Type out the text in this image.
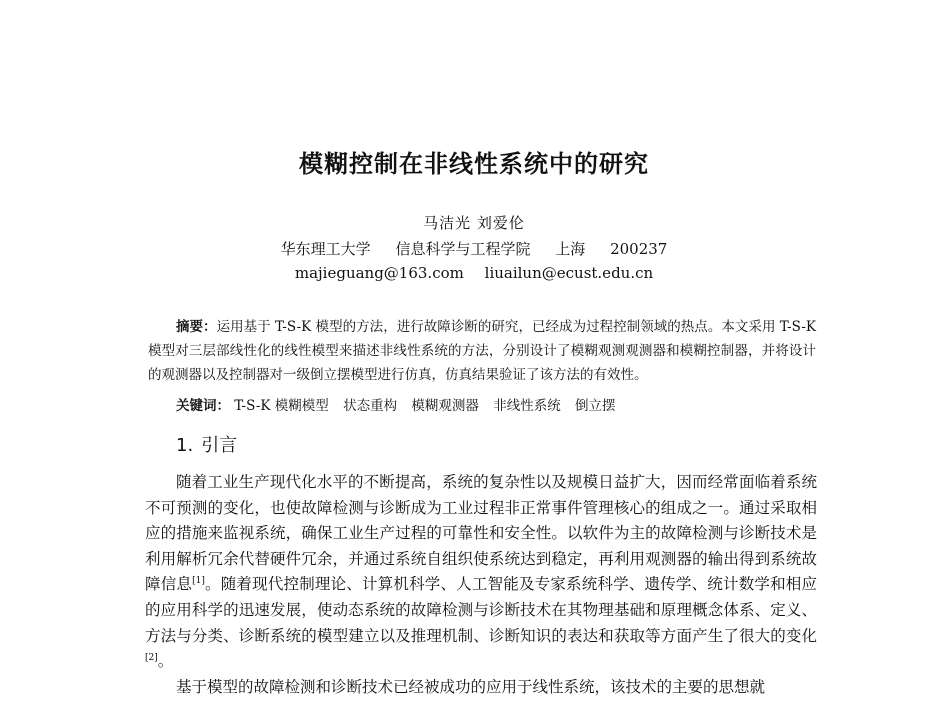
模糊控制在非线性系统中的研究
马洁光 刘爱伦
华东理工大学 信息科学与工程学院 上海 200237
majieguang@163.com liuailun@ecust.edu.cn
摘要：运用基于 T-S-K 模型的方法，进行故障诊断的研究，已经成为过程控制领域的热点。本文采用 T-S-K 模型对三层部线性化的线性模型来描述非线性系统的方法，分别设计了模糊观测观测器和模糊控制器，并将设计的观测器以及控制器对一级倒立摆模型进行仿真，仿真结果验证了该方法的有效性。
关键词： T-S-K 模糊模型 状态重构 模糊观测器 非线性系统 倒立摆
1. 引言

随着工业生产现代化水平的不断提高，系统的复杂性以及规模日益扩大，因而经常面临着系统不可预测的变化，也使故障检测与诊断成为工业过程非正常事件管理核心的组成之一。通过采取相应的措施来监视系统，确保工业生产过程的可靠性和安全性。以软件为主的故障检测与诊断技术是利用解析冗余代替硬件冗余，并通过系统自组织使系统达到稳定，再利用观测器的输出得到系统故障信息[1]。随着现代控制理论、计算机科学、人工智能及专家系统科学、遗传学、统计数学和相应的应用科学的迅速发展，使动态系统的故障检测与诊断技术在其物理基础和原理概念体系、定义、方法与分类、诊断系统的模型建立以及推理机制、诊断知识的表达和获取等方面产生了很大的变化[2]。

基于模型的故障检测和诊断技术已经被成功的应用于线性系统，该技术的主要的思想就
